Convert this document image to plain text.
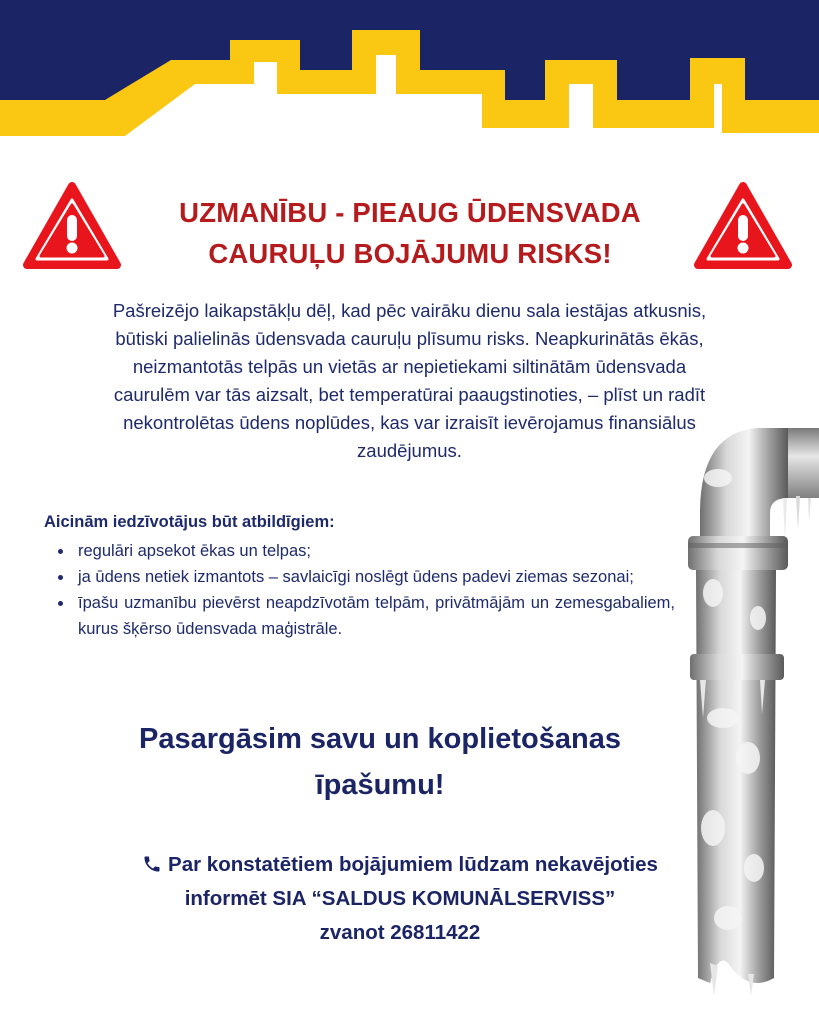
UZMANĪBU - PIEAUG ŪDENSVADA
CAURUĻU BOJĀJUMU RISKS!

Pašreizējo laikapstākļu dēļ, kad pēc vairāku dienu sala iestājas atkusnis,
būtiski palielinās ūdensvada cauruļu plīsumu risks. Neapkurinātās ēkās,
neizmantotās telpās un vietās ar nepietiekami siltinātām ūdensvada
caurulēm var tās aizsalt, bet temperatūrai paaugstinoties, – plīst un radīt
nekontrolētas ūdens noplūdes, kas var izraisīt ievērojamus finansiālus
zaudējumus.

Aicinām iedzīvotājus būt atbildīgiem:
regulāri apsekot ēkas un telpas;
ja ūdens netiek izmantots – savlaicīgi noslēgt ūdens padevi ziemas sezonai;
īpašu uzmanību pievērst neapdzīvotām telpām, privātmājām un zemesgabaliem, kurus šķērso ūdensvada maģistrāle.
Pasargāsim savu un koplietošanas
īpašumu!
Par konstatētiem bojājumiem lūdzam nekavējoties
informēt SIA “SALDUS KOMUNĀLSERVISS”
zvanot 26811422
